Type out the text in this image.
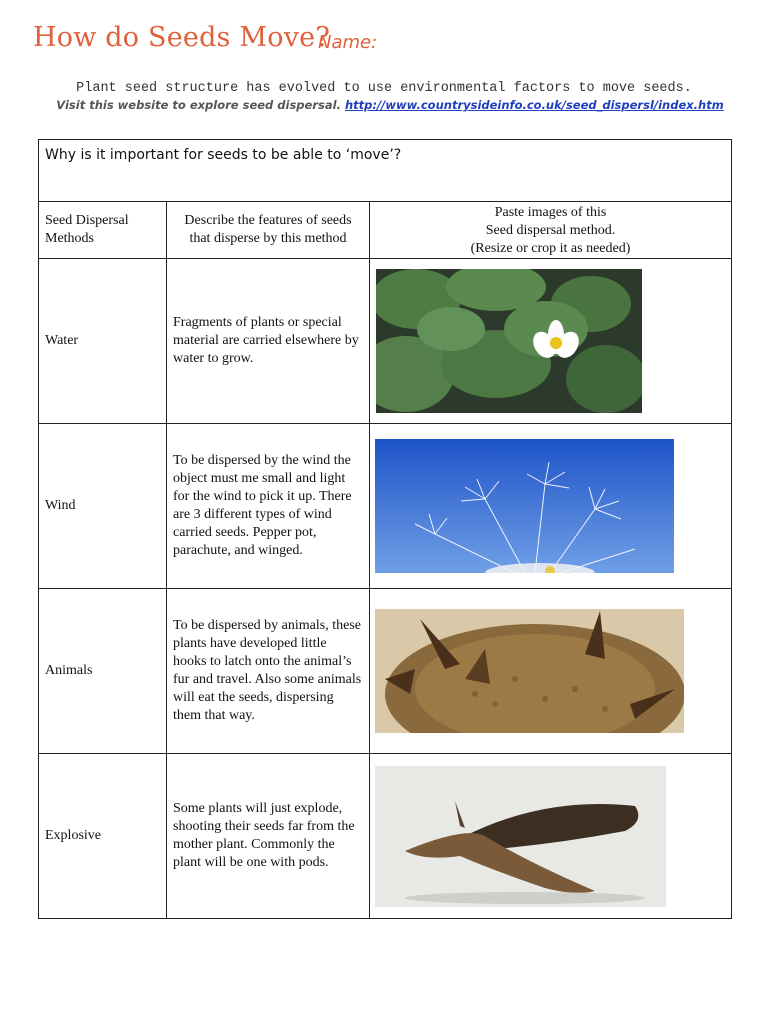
How do Seeds Move?
Name:
Plant seed structure has evolved to use environmental factors to move seeds.
Visit this website to explore seed dispersal. http://www.countrysideinfo.co.uk/seed_dispersl/index.htm
Why is it important for seeds to be able to ‘move’?		
Seed Dispersal Methods	Describe the features of seeds that disperse by this method	Paste images of this
Seed dispersal method.
(Resize or crop it as needed)

Water	Fragments of plants or special material are carried elsewhere by water to grow.	

Wind	To be dispersed by the wind the object must me small and light for the wind to pick it up. There are 3 different types of wind carried seeds. Pepper pot, parachute, and winged.	

Animals	To be dispersed by animals, these plants have developed little hooks to latch onto the animal’s fur and travel. Also some animals will eat the seeds, dispersing them that way.	

Explosive	Some plants will just explode, shooting their seeds far from the mother plant. Commonly the plant will be one with pods.	
